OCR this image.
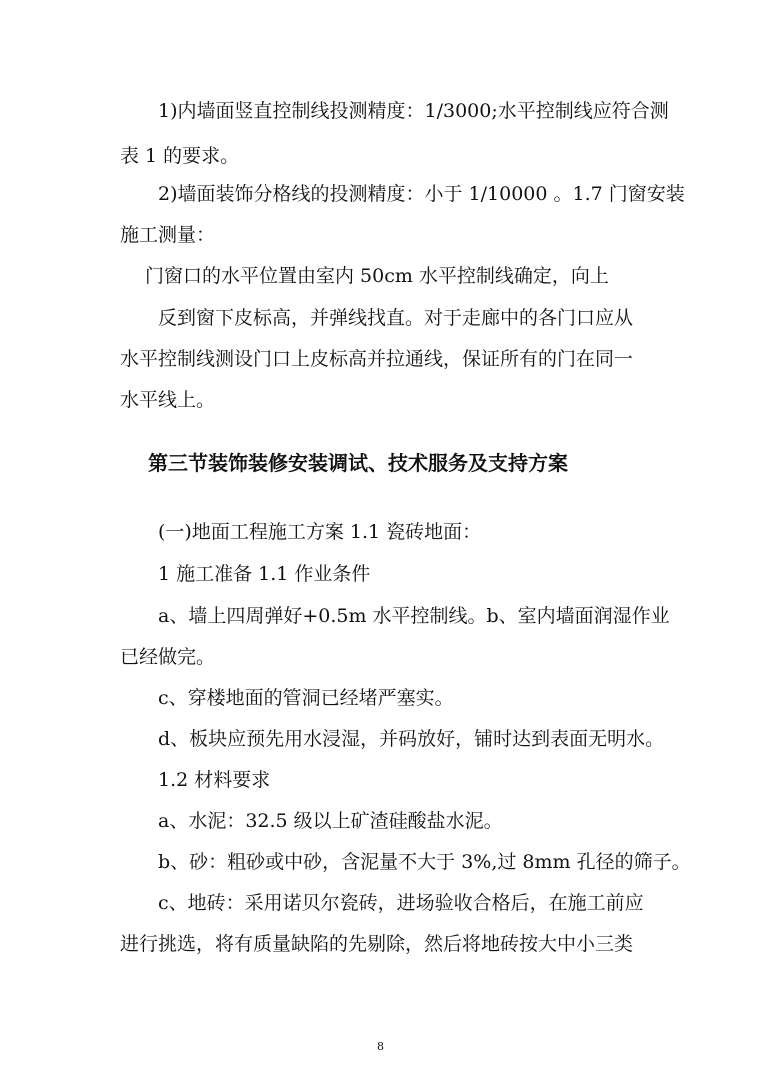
1)内墙面竖直控制线投测精度：1/3000;水平控制线应符合测

表 1 的要求。

2)墙面装饰分格线的投测精度：小于 1/10000 。1.7 门窗安装

施工测量：

门窗口的水平位置由室内 50cm 水平控制线确定，向上

反到窗下皮标高，并弹线找直。对于走廊中的各门口应从

水平控制线测设门口上皮标高并拉通线，保证所有的门在同一

水平线上。

第三节装饰装修安装调试、技术服务及支持方案

(一)地面工程施工方案 1.1 瓷砖地面：

1 施工准备 1.1 作业条件

a、墙上四周弹好+0.5m 水平控制线。b、室内墙面润湿作业

已经做完。

c、穿楼地面的管洞已经堵严塞实。

d、板块应预先用水浸湿，并码放好，铺时达到表面无明水。

1.2 材料要求

a、水泥：32.5 级以上矿渣硅酸盐水泥。

b、砂：粗砂或中砂，含泥量不大于 3%,过 8mm 孔径的筛子。

c、地砖：采用诺贝尔瓷砖，进场验收合格后，在施工前应

进行挑选，将有质量缺陷的先剔除，然后将地砖按大中小三类

8
